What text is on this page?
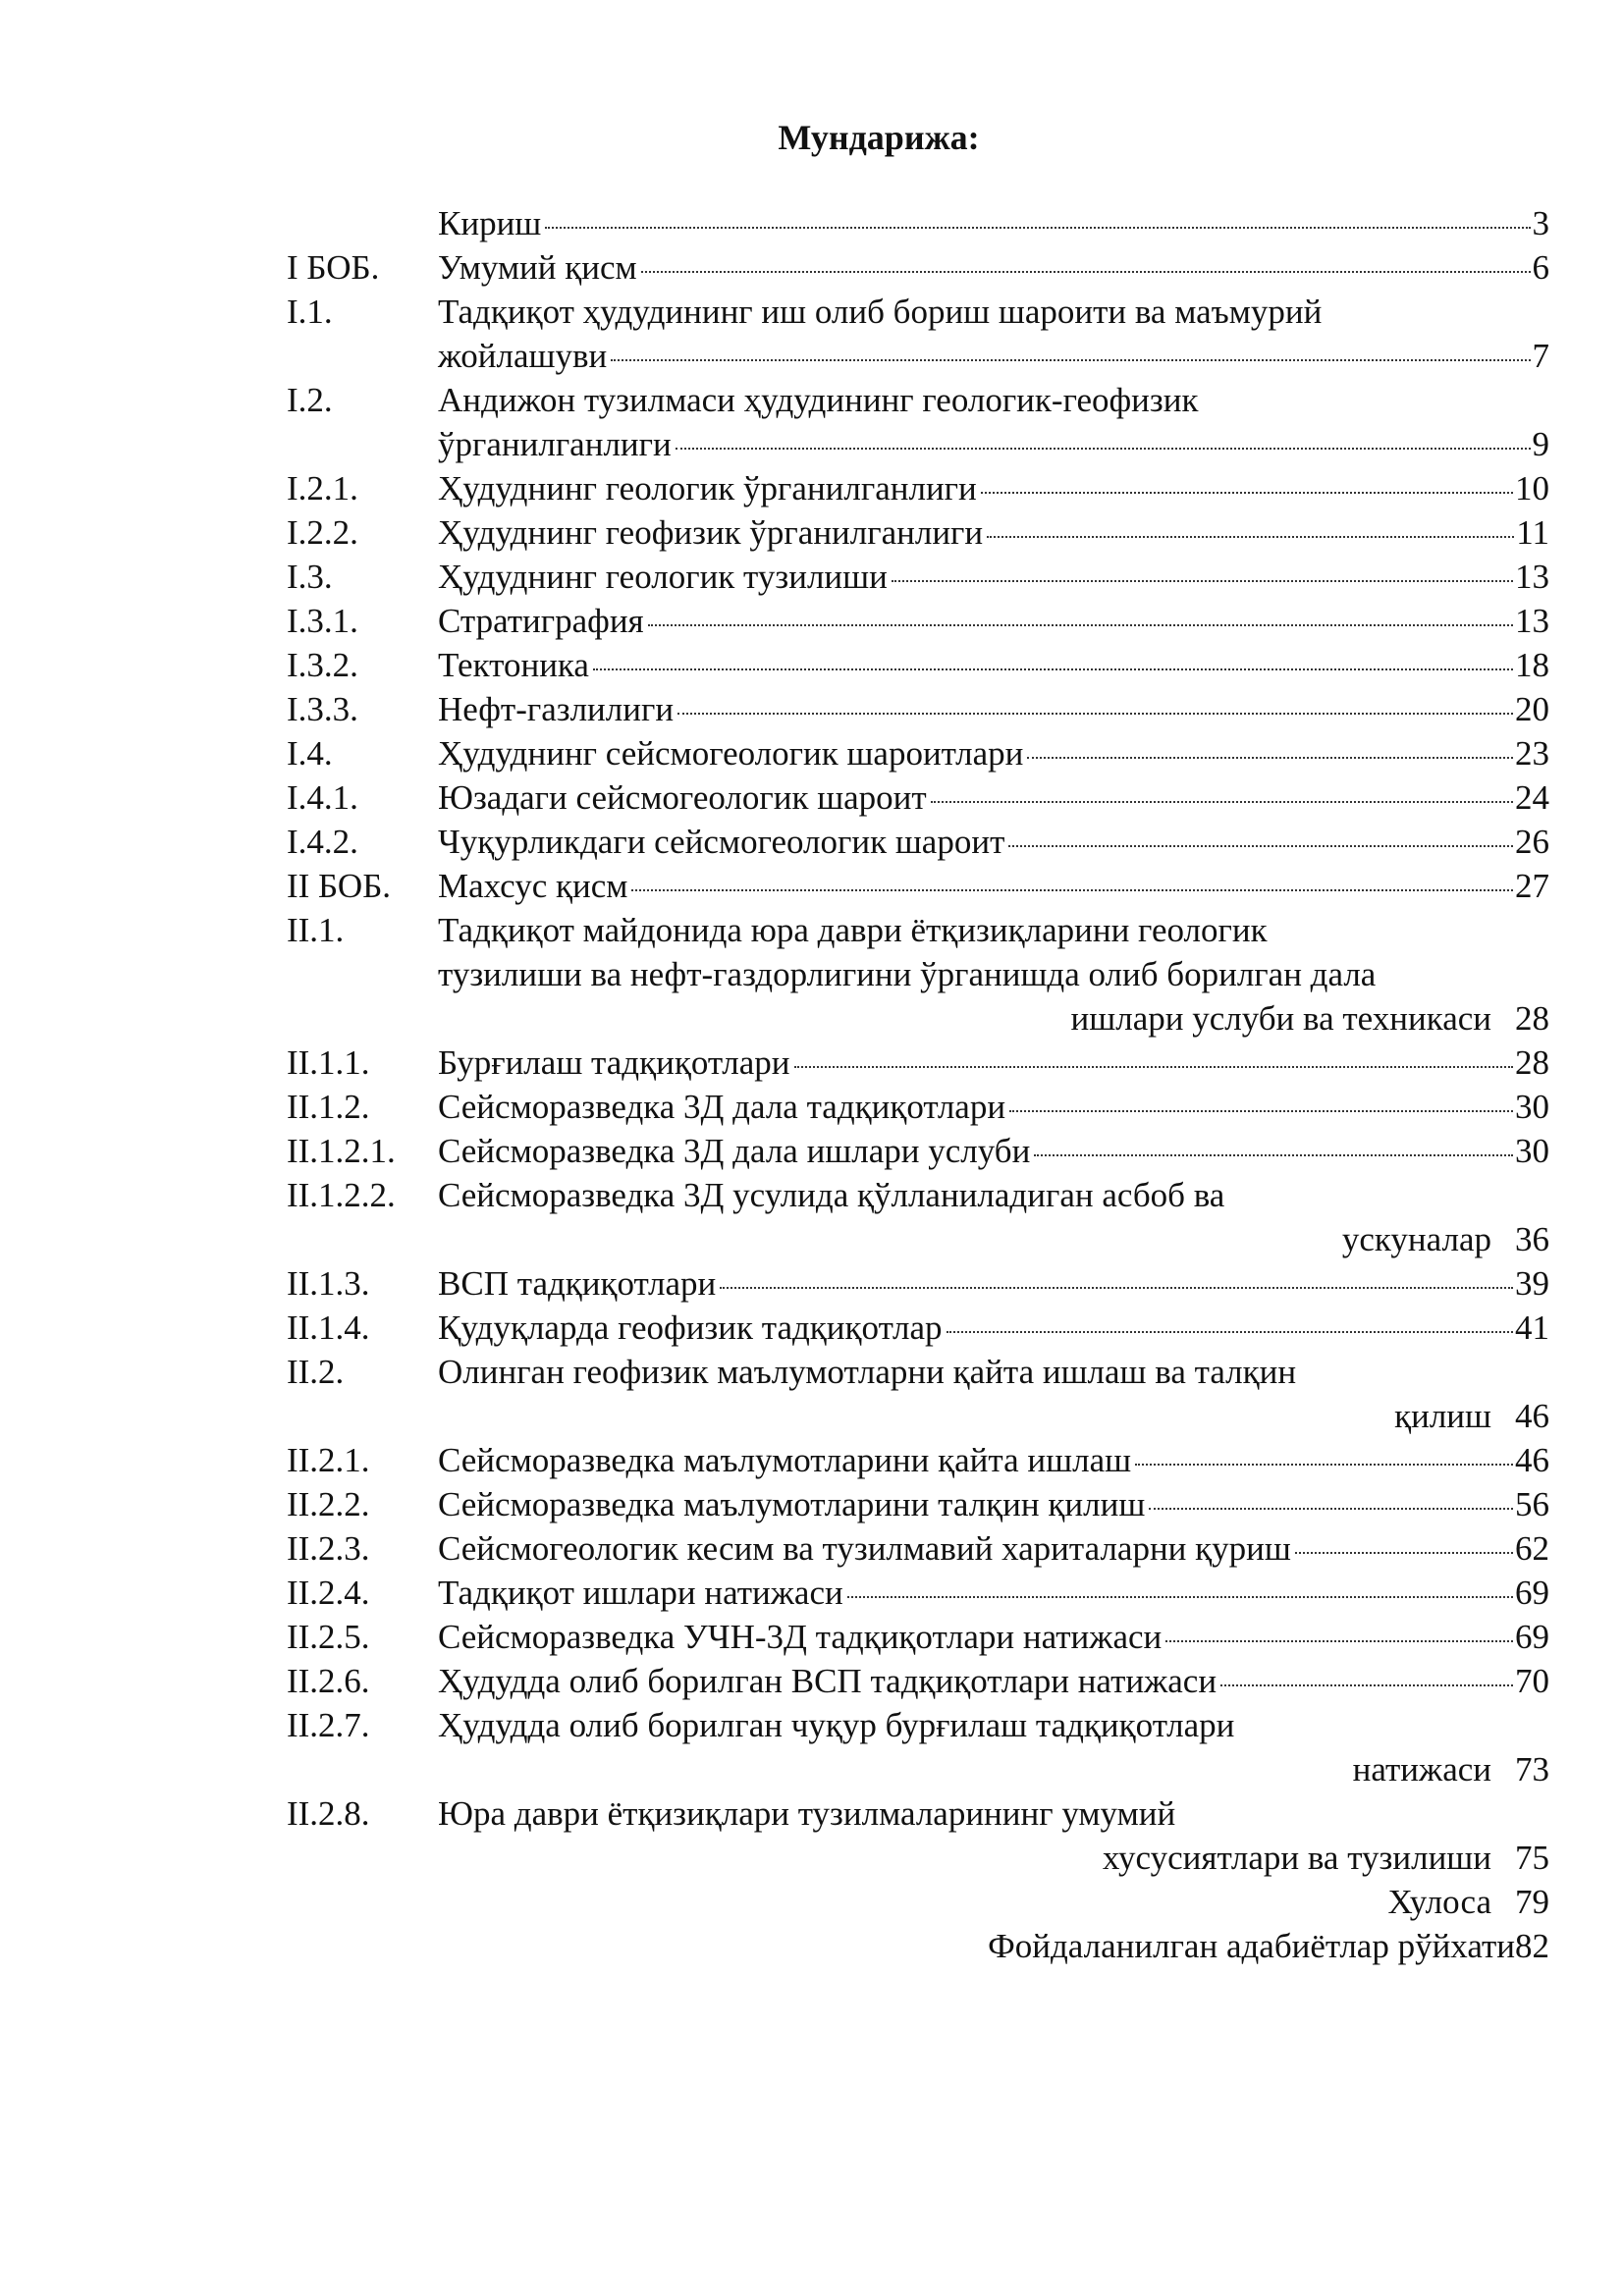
Мундарижа:
Кириш	3
I БОБ.	Умумий қисм	6
I.1.	Тадқиқот ҳудудининг иш олиб бориш шароити ва маъмурий
жойлашуви	7
I.2.	Андижон тузилмаси ҳудудининг геологик-геофизик
ўрганилганлиги	9
I.2.1.	Ҳудуднинг геологик ўрганилганлиги	10
I.2.2.	Ҳудуднинг геофизик ўрганилганлиги	11
I.3.	Ҳудуднинг геологик тузилиши	13
I.3.1.	Стратиграфия	13
I.3.2.	Тектоника	18
I.3.3.	Нефт-газлилиги	20
I.4.	Ҳудуднинг сейсмогеологик шароитлари	23
I.4.1.	Юзадаги сейсмогеологик шароит	24
I.4.2.	Чуқурликдаги сейсмогеологик шароит	26
II БОБ.	Махсус қисм	27
II.1.	Тадқиқот майдонида юра даври ётқизиқларини геологик
тузилиши ва нефт-газдорлигини ўрганишда олиб борилган дала
ишлари услуби ва техникаси 28
II.1.1.	Бурғилаш тадқиқотлари	28
II.1.2.	Сейсморазведка 3Д дала тадқиқотлари	30
II.1.2.1.	Сейсморазведка 3Д дала ишлари услуби	30
II.1.2.2.	Сейсморазведка 3Д усулида қўлланиладиган асбоб ва
ускуналар 36
II.1.3.	ВСП тадқиқотлари	39
II.1.4.	Қудуқларда геофизик тадқиқотлар	41
II.2.	Олинган геофизик маълумотларни қайта ишлаш ва талқин
қилиш 46
II.2.1.	Сейсморазведка маълумотларини қайта ишлаш	46
II.2.2.	Сейсморазведка маълумотларини талқин қилиш	56
II.2.3.	Сейсмогеологик кесим ва тузилмавий хариталарни қуриш	62
II.2.4.	Тадқиқот ишлари натижаси	69
II.2.5.	Сейсморазведка УЧН-3Д тадқиқотлари натижаси	69
II.2.6.	Ҳудудда олиб борилган ВСП тадқиқотлари натижаси	70
II.2.7.	Ҳудудда олиб борилган чуқур бурғилаш тадқиқотлари
натижаси 73
II.2.8.	Юра даври ётқизиқлари тузилмаларининг умумий
хусусиятлари ва тузилиши 75
Хулоса 79
Фойдаланилган адабиётлар рўйхати 82
